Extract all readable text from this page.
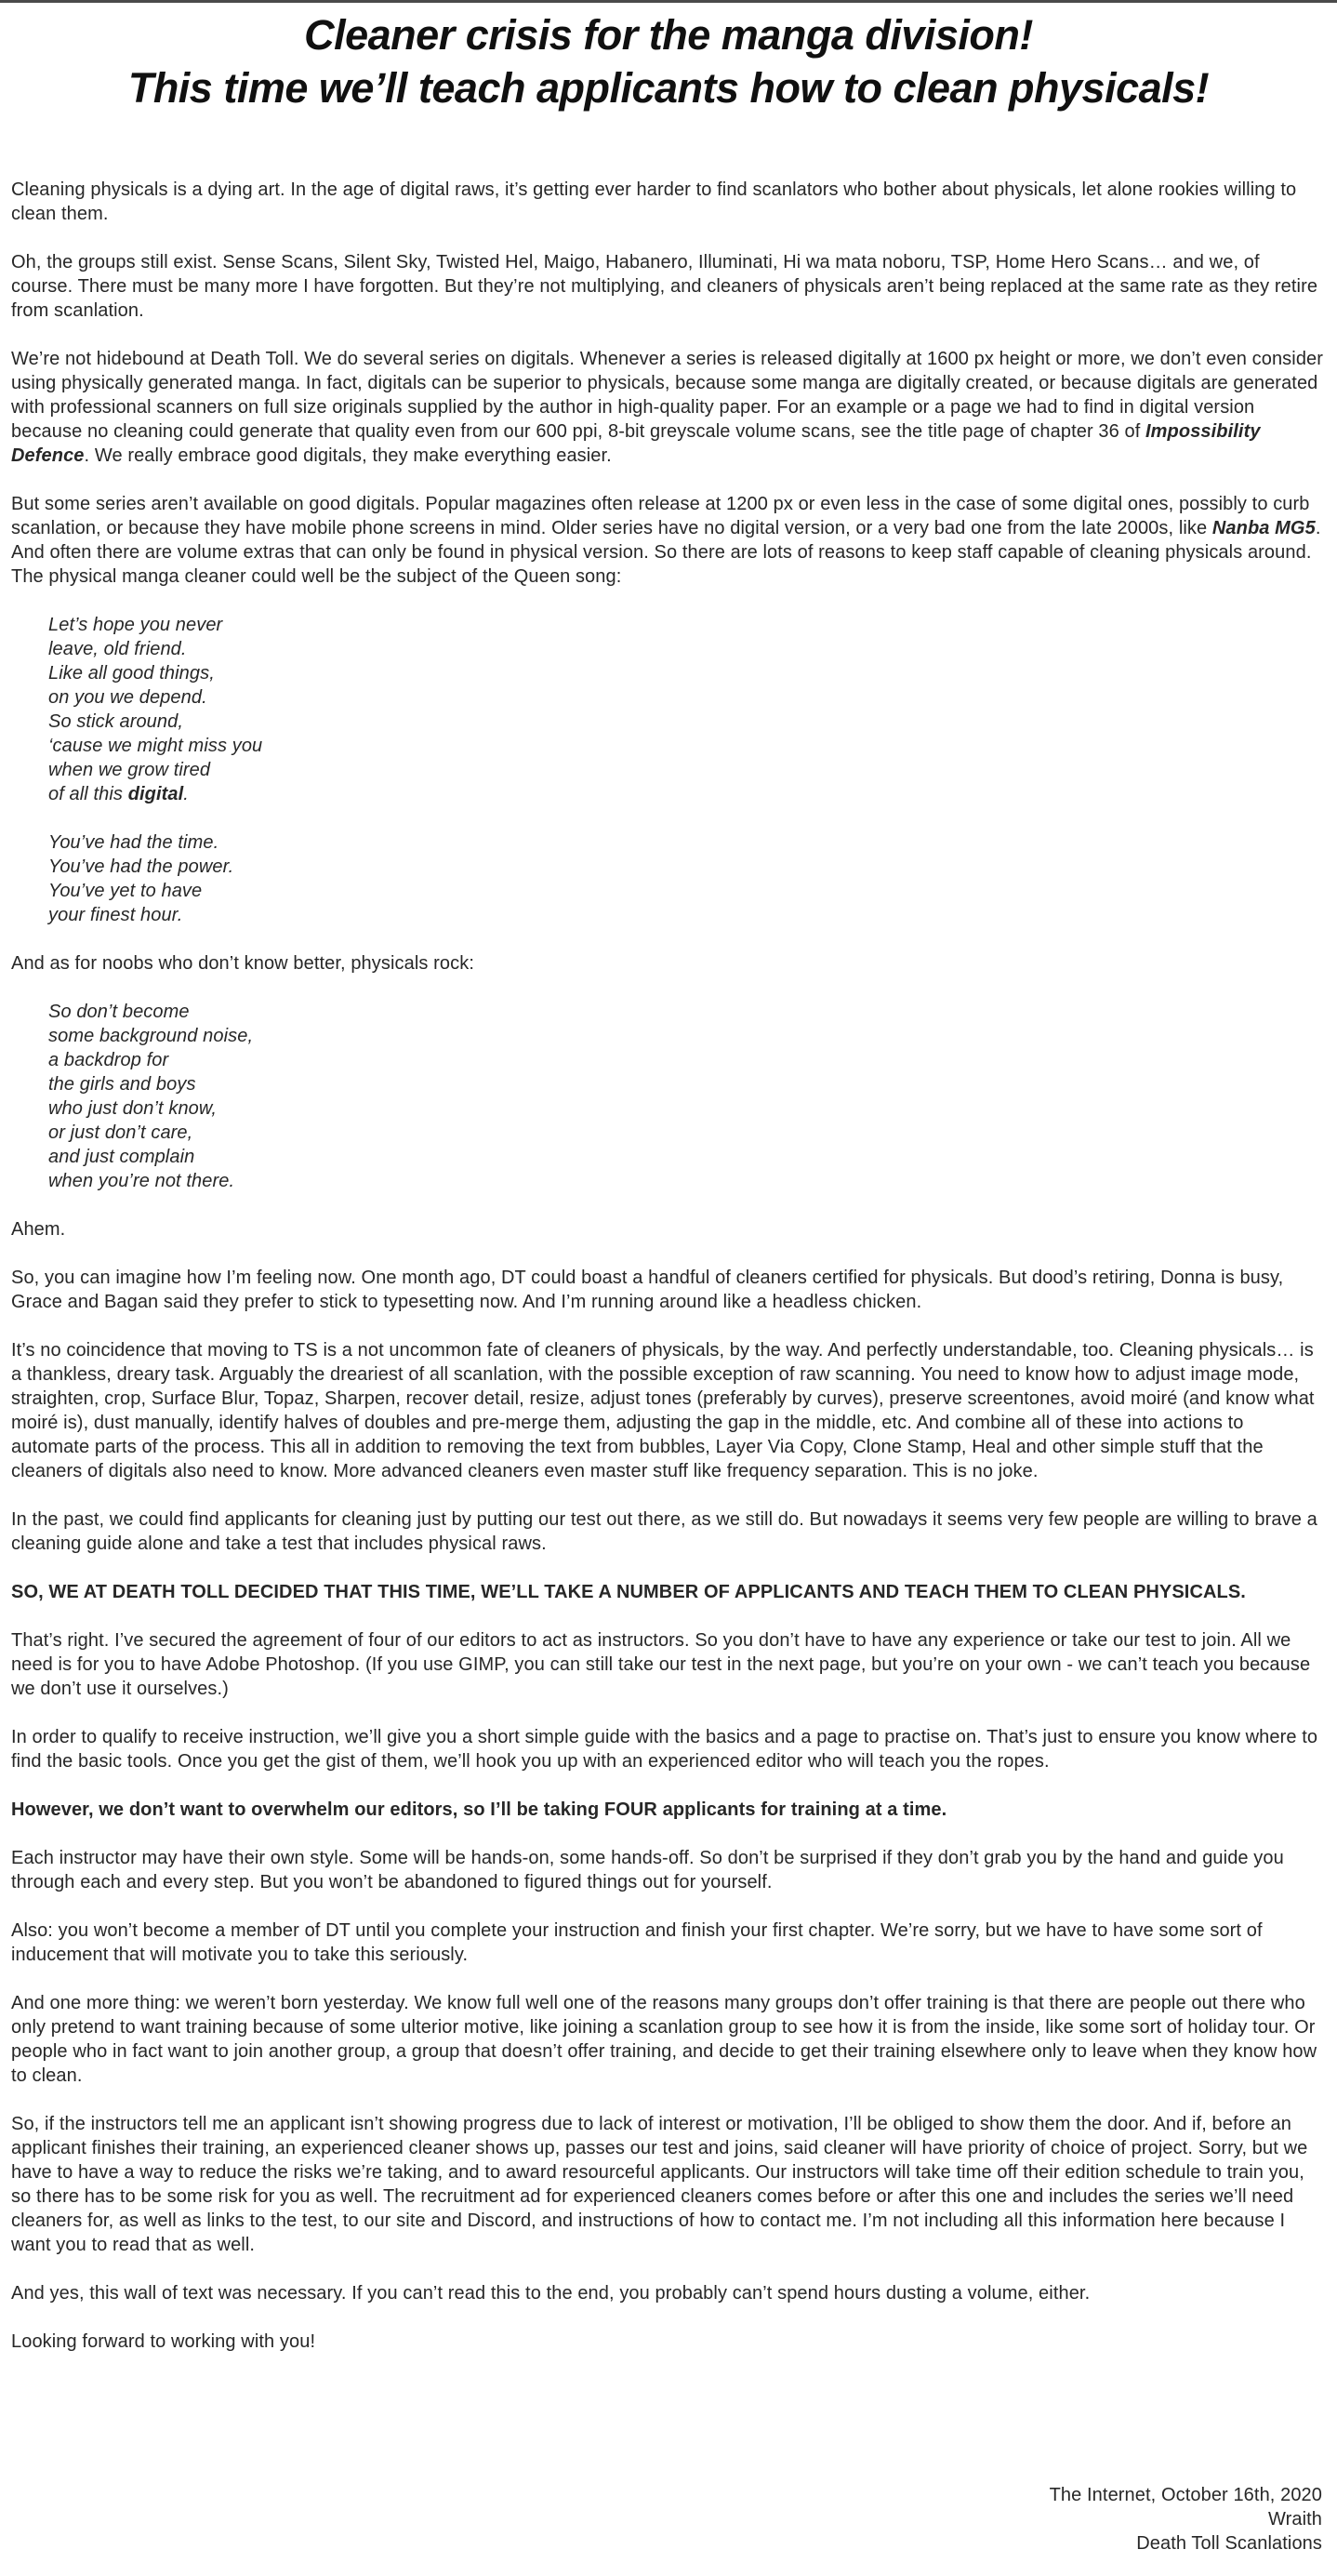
Cleaner crisis for the manga division!
This time we’ll teach applicants how to clean physicals!

Cleaning physicals is a dying art. In the age of digital raws, it’s getting ever harder to find scanlators who bother about physicals, let alone rookies willing to clean them.

Oh, the groups still exist. Sense Scans, Silent Sky, Twisted Hel, Maigo, Habanero, Illuminati, Hi wa mata noboru, TSP, Home Hero Scans… and we, of course. There must be many more I have forgotten. But they’re not multiplying, and cleaners of physicals aren’t being replaced at the same rate as they retire from scanlation.

We’re not hidebound at Death Toll. We do several series on digitals. Whenever a series is released digitally at 1600 px height or more, we don’t even consider using physically generated manga. In fact, digitals can be superior to physicals, because some manga are digitally created, or because digitals are generated with professional scanners on full size originals supplied by the author in high-quality paper. For an example or a page we had to find in digital version because no cleaning could generate that quality even from our 600 ppi, 8-bit greyscale volume scans, see the title page of chapter 36 of Impossibility Defence. We really embrace good digitals, they make everything easier.

But some series aren’t available on good digitals. Popular magazines often release at 1200 px or even less in the case of some digital ones, possibly to curb scanlation, or because they have mobile phone screens in mind. Older series have no digital version, or a very bad one from the late 2000s, like Nanba MG5. And often there are volume extras that can only be found in physical version. So there are lots of reasons to keep staff capable of cleaning physicals around. The physical manga cleaner could well be the subject of the Queen song:

Let’s hope you never
leave, old friend.
Like all good things,
on you we depend.
So stick around,
‘cause we might miss you
when we grow tired
of all this digital.

You’ve had the time.
You’ve had the power.
You’ve yet to have
your finest hour.

And as for noobs who don’t know better, physicals rock:

So don’t become
some background noise,
a backdrop for
the girls and boys
who just don’t know,
or just don’t care,
and just complain
when you’re not there.

Ahem.

So, you can imagine how I’m feeling now. One month ago, DT could boast a handful of cleaners certified for physicals. But dood’s retiring, Donna is busy, Grace and Bagan said they prefer to stick to typesetting now. And I’m running around like a headless chicken.

It’s no coincidence that moving to TS is a not uncommon fate of cleaners of physicals, by the way. And perfectly understandable, too. Cleaning physicals… is a thankless, dreary task. Arguably the dreariest of all scanlation, with the possible exception of raw scanning. You need to know how to adjust image mode, straighten, crop, Surface Blur, Topaz, Sharpen, recover detail, resize, adjust tones (preferably by curves), preserve screentones, avoid moiré (and know what moiré is), dust manually, identify halves of doubles and pre-merge them, adjusting the gap in the middle, etc. And combine all of these into actions to automate parts of the process. This all in addition to removing the text from bubbles, Layer Via Copy, Clone Stamp, Heal and other simple stuff that the cleaners of digitals also need to know. More advanced cleaners even master stuff like frequency separation. This is no joke.

In the past, we could find applicants for cleaning just by putting our test out there, as we still do. But nowadays it seems very few people are willing to brave a cleaning guide alone and take a test that includes physical raws.

SO, WE AT DEATH TOLL DECIDED THAT THIS TIME, WE’LL TAKE A NUMBER OF APPLICANTS AND TEACH THEM TO CLEAN PHYSICALS.

That’s right. I’ve secured the agreement of four of our editors to act as instructors. So you don’t have to have any experience or take our test to join. All we need is for you to have Adobe Photoshop. (If you use GIMP, you can still take our test in the next page, but you’re on your own - we can’t teach you because we don’t use it ourselves.)

In order to qualify to receive instruction, we’ll give you a short simple guide with the basics and a page to practise on. That’s just to ensure you know where to find the basic tools. Once you get the gist of them, we’ll hook you up with an experienced editor who will teach you the ropes.

However, we don’t want to overwhelm our editors, so I’ll be taking FOUR applicants for training at a time.

Each instructor may have their own style. Some will be hands-on, some hands-off. So don’t be surprised if they don’t grab you by the hand and guide you through each and every step. But you won’t be abandoned to figured things out for yourself.

Also: you won’t become a member of DT until you complete your instruction and finish your first chapter. We’re sorry, but we have to have some sort of inducement that will motivate you to take this seriously.

And one more thing: we weren’t born yesterday. We know full well one of the reasons many groups don’t offer training is that there are people out there who only pretend to want training because of some ulterior motive, like joining a scanlation group to see how it is from the inside, like some sort of holiday tour. Or people who in fact want to join another group, a group that doesn’t offer training, and decide to get their training elsewhere only to leave when they know how to clean.

So, if the instructors tell me an applicant isn’t showing progress due to lack of interest or motivation, I’ll be obliged to show them the door. And if, before an applicant finishes their training, an experienced cleaner shows up, passes our test and joins, said cleaner will have priority of choice of project. Sorry, but we have to have a way to reduce the risks we’re taking, and to award resourceful applicants. Our instructors will take time off their edition schedule to train you, so there has to be some risk for you as well. The recruitment ad for experienced cleaners comes before or after this one and includes the series we’ll need cleaners for, as well as links to the test, to our site and Discord, and instructions of how to contact me. I’m not including all this information here because I want you to read that as well.

And yes, this wall of text was necessary. If you can’t read this to the end, you probably can’t spend hours dusting a volume, either.

Looking forward to working with you!

The Internet, October 16th, 2020
Wraith
Death Toll Scanlations
